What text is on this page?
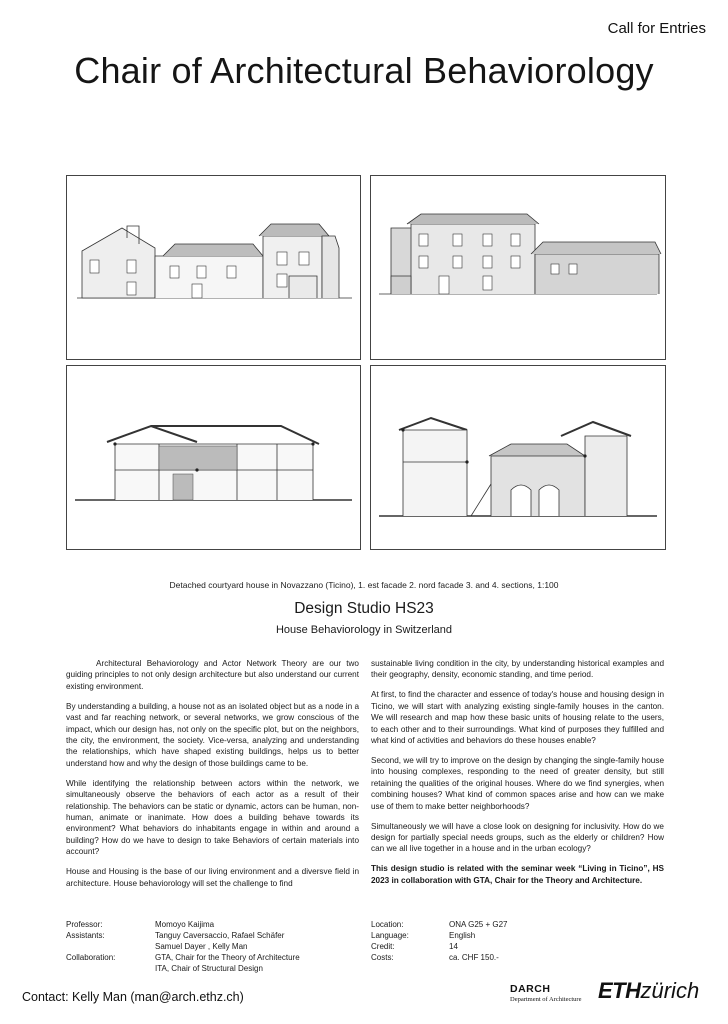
Call for Entries
Chair of Architectural Behaviorology
Detached courtyard house in Novazzano (Ticino), 1. est facade 2. nord facade 3. and 4. sections, 1:100
Design Studio HS23
House Behaviorology in Switzerland

Architectural Behaviorology and Actor Network Theory are our two guiding principles to not only design architecture but also understand our current existing environment.

By understanding a building, a house not as an isolated object but as a node in a vast and far reaching network, or several networks, we grow conscious of the impact, which our design has, not only on the specific plot, but on the neighbors, the city, the environment, the society. Vice-versa, analyzing and understanding the relationships, which have shaped existing buildings, helps us to better understand how and why the design of those buildings came to be.

While identifying the relationship between actors within the network, we simultaneously observe the behaviors of each actor as a result of their relationship. The behaviors can be static or dynamic, actors can be human, non-human, animate or inanimate. How does a building behave towards its environment? What behaviors do inhabitants engage in within and around a building? How do we have to design to take Behaviors of certain materials into account?

House and Housing is the base of our living environment and a diversve field in architecture. House behaviorology will set the challenge to find

sustainable living condition in the city, by understanding historical examples and their geography, density, economic standing, and time period.

At first, to find the character and essence of today's house and housing design in Ticino, we will start with analyzing existing single-family houses in the canton. We will research and map how these basic units of housing relate to the users, to each other and to their surroundings. What kind of purposes they fulfilled and what kind of activities and behaviors do these houses enable?

Second, we will try to improve on the design by changing the single-family house into housing complexes, responding to the need of greater density, but still retaining the qualities of the original houses. Where do we find synergies, when combining houses? What kind of common spaces arise and how can we make use of them to make better neighborhoods?

Simultaneously we will have a close look on designing for inclusivity. How do we design for partially special needs groups, such as the elderly or children? How can we all live together in a house and in the urban ecology?

This design studio is related with the seminar week “Living in Ticino”, HS 2023 in collaboration with GTA, Chair for the Theory and Architecture.

Professor:	Momoyo Kaijima
Assistants:	Tanguy Caversaccio, Rafael Schäfer
Samuel Dayer , Kelly Man
Collaboration:	GTA, Chair for the Theory of Architecture
ITA, Chair of Structural Design
Location:	ONA G25 + G27
Language:	English
Credit:	14
Costs:	ca. CHF 150.-
Contact: Kelly Man (man@arch.ethz.ch)
DARCH
Department of Architecture ETHzürich
